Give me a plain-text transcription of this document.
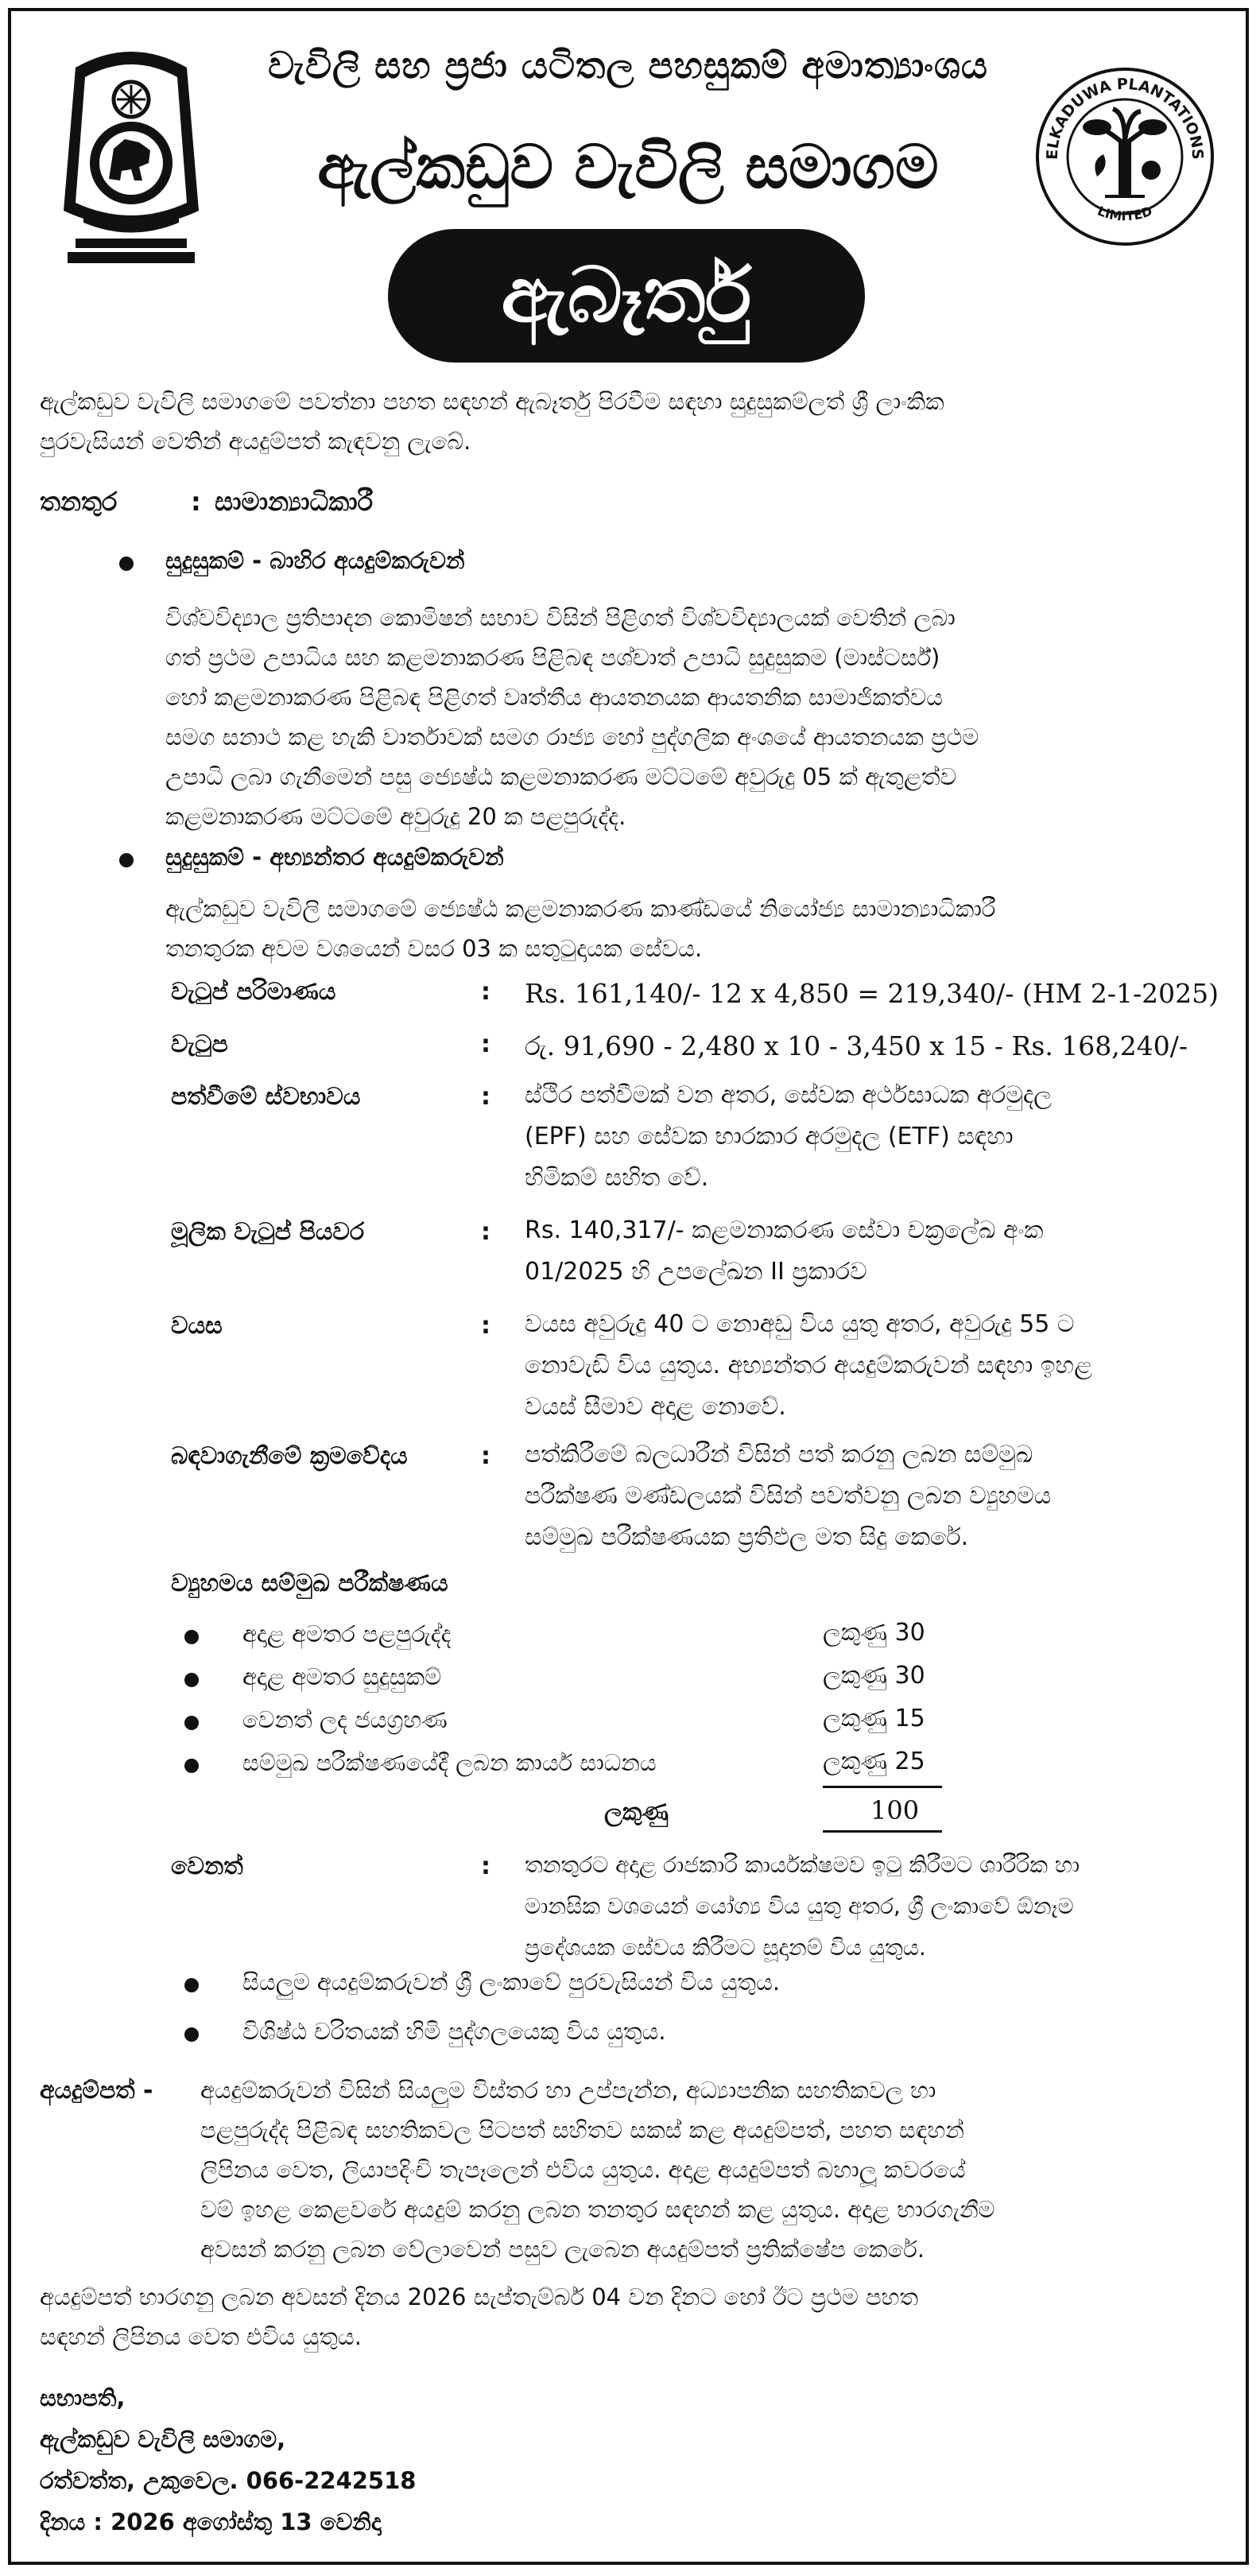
වැවිලි සහ ප්‍රජා යටිතල පහසුකම් අමාත්‍යාංශය
ඇල්කඩුව වැවිලි සමාගම
ඇබෑර්තු
ELKADUWA PLANTATIONS
LIMITED
ඇල්කඩුව වැවිලි සමාගමේ පවත්නා පහත සඳහන් ඇබෑර්තු පිරවීම සඳහා සුදුසුකම්ලත් ශ්‍රී ලාංකික
පුරවැසියන් වෙතින් අයදුම්පත් කැඳවනු ලැබේ.
තනතුර	: සාමාන්‍යාධිකාරී
සුදුසුකම් - බාහිර අයදුම්කරුවන්
විශ්වවිද්‍යාල ප්‍රතිපාදන කොමිෂන් සභාව විසින් පිළිගත් විශ්වවිද්‍යාලයක් වෙතින් ලබා
ගත් ප්‍රථම උපාධිය සහ කළමනාකරණ පිළිබඳ පශ්චාත් උපාධි සුදුසුකම (මාස්ටර්ස්)
හෝ කළමනාකරණ පිළිබඳ පිළිගත් වෘත්තීය ආයතනයක ආයතනික සාමාජිකත්වය
සමග සනාථ කළ හැකි වාර්තාවක් සමග රාජ්‍ය හෝ පුද්ගලික අංශයේ ආයතනයක ප්‍රථම
උපාධි ලබා ගැනීමෙන් පසු ජ්‍යෙෂ්ඨ කළමනාකරණ මට්ටමේ අවුරුදු 05 ක් ඇතුළත්ව
කළමනාකරණ මට්ටමේ අවුරුදු 20 ක පළපුරුද්ද.
සුදුසුකම් - අභ්‍යන්තර අයදුම්කරුවන්
ඇල්කඩුව වැවිලි සමාගමේ ජ්‍යෙෂ්ඨ කළමනාකරණ කාණ්ඩයේ නියෝජ්‍ය සාමාන්‍යාධිකාරී
තනතුරක අවම වශයෙන් වසර 03 ක සතුටුදායක සේවය.
වැටුප් පරිමාණය	: Rs. 161,140/- 12 x 4,850 = 219,340/- (HM 2-1-2025)
වැටුප	: රු. 91,690 - 2,480 x 10 - 3,450 x 15 - Rs. 168,240/-
පත්වීමේ ස්වභාවය	: ස්ථිර පත්වීමක් වන අතර, සේවක අර්ථසාධක අරමුදල
(EPF) සහ සේවක භාරකාර අරමුදල (ETF) සඳහා
හිමිකම් සහිත වේ.
මූලික වැටුප් පියවර	: Rs. 140,317/- කළමනාකරණ සේවා චක්‍රලේඛ අංක
01/2025 හි උපලේඛන II ප්‍රකාරව
වයස	: වයස අවුරුදු 40 ට නොඅඩු විය යුතු අතර, අවුරුදු 55 ට
නොවැඩි විය යුතුය. අභ්‍යන්තර අයදුම්කරුවන් සඳහා ඉහළ
වයස් සීමාව අදාළ නොවේ.
බඳවාගැනීමේ ක්‍රමවේදය	: පත්කිරීමේ බලධාරීන් විසින් පත් කරනු ලබන සම්මුඛ
පරීක්ෂණ මණ්ඩලයක් විසින් පවත්වනු ලබන ව්‍යුහමය
සම්මුඛ පරීක්ෂණයක ප්‍රතිඵල මත සිදු කෙරේ.
ව්‍යුහමය සම්මුඛ පරීක්ෂණය
අදාළ අමතර පළපුරුද්ද	ලකුණු 30
අදාළ අමතර සුදුසුකම්	ලකුණු 30
වෙනත් ලද ජයග්‍රහණ	ලකුණු 15
සම්මුඛ පරීක්ෂණයේදී ලබන කාර්ය සාධනය	ලකුණු 25
ලකුණු	100
වෙනත්	: තනතුරට අදාළ රාජකාරි කාර්යක්ෂමව ඉටු කිරීමට ශාරීරික හා
මානසික වශයෙන් යෝග්‍ය විය යුතු අතර, ශ්‍රී ලංකාවේ ඕනෑම
ප්‍රදේශයක සේවය කිරීමට සූදානම් විය යුතුය.
සියලුම අයදුම්කරුවන් ශ්‍රී ලංකාවේ පුරවැසියන් විය යුතුය.
විශිෂ්ඨ චරිතයක් හිමි පුද්ගලයෙකු විය යුතුය.
අයදුම්පත් - අයදුම්කරුවන් විසින් සියලුම විස්තර හා උප්පැන්න, අධ්‍යාපනික සහතිකවල හා
පළපුරුද්ද පිළිබඳ සහතිකවල පිටපත් සහිතව සකස් කළ අයදුම්පත්, පහත සඳහන්
ලිපිනය වෙත, ලියාපදිංචි තැපෑලෙන් එවිය යුතුය. අදාළ අයදුම්පත් බහාලූ කවරයේ
වම් ඉහළ කෙළවරේ අයදුම් කරනු ලබන තනතුර සඳහන් කළ යුතුය. අදාළ භාරගැනීම
අවසන් කරනු ලබන වේලාවෙන් පසුව ලැබෙන අයදුම්පත් ප්‍රතික්ෂේප කෙරේ.
අයදුම්පත් භාරගනු ලබන අවසන් දිනය 2026 සැප්තැම්බර් 04 වන දිනට හෝ ඊට ප්‍රථම පහත
සඳහන් ලිපිනය වෙත එවිය යුතුය.
සභාපති,
ඇල්කඩුව වැවිලි සමාගම,
රත්වත්ත, උකුවෙල. 066-2242518
දිනය : 2026 අගෝස්තු 13 වෙනිදා
